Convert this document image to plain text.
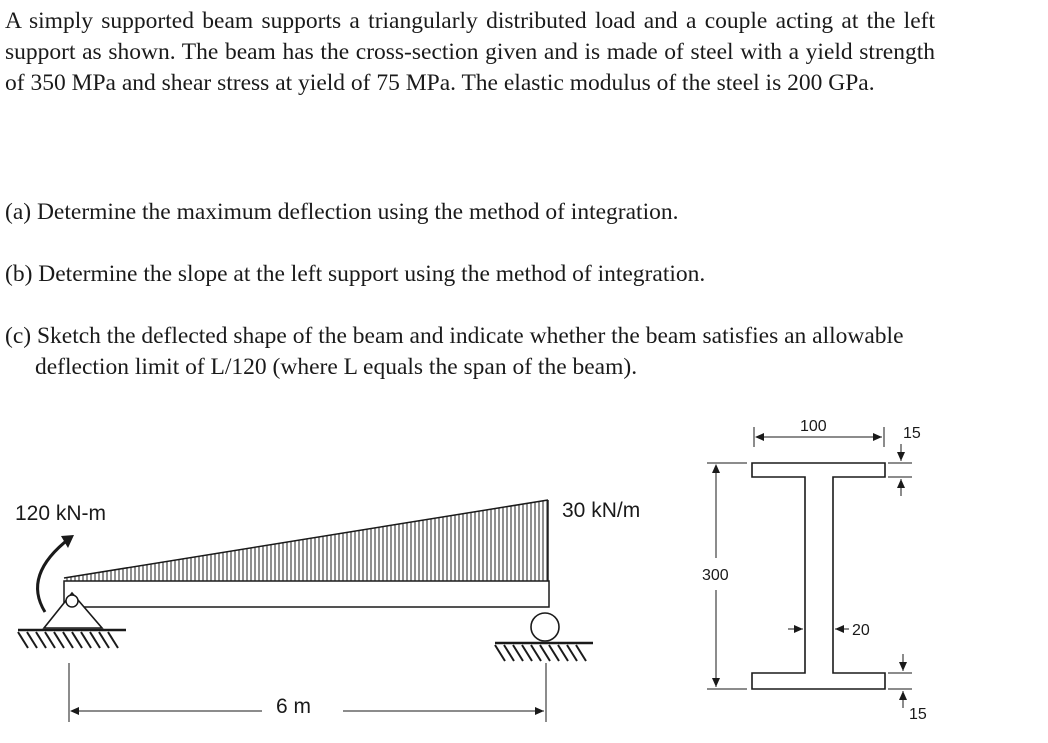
A simply supported beam supports a triangularly distributed load and a couple acting at the left support as shown. The beam has the cross-section given and is made of steel with a yield strength of 350 MPa and shear stress at yield of 75 MPa. The elastic modulus of the steel is 200 GPa.

(a) Determine the maximum deflection using the method of integration.

(b) Determine the slope at the left support using the method of integration.

(c) Sketch the deflected shape of the beam and indicate whether the beam satisfies an allowable deflection limit of L/120 (where L equals the span of the beam).

120 kN-m	30 kN/m
6 m
100
300
20
15
15
